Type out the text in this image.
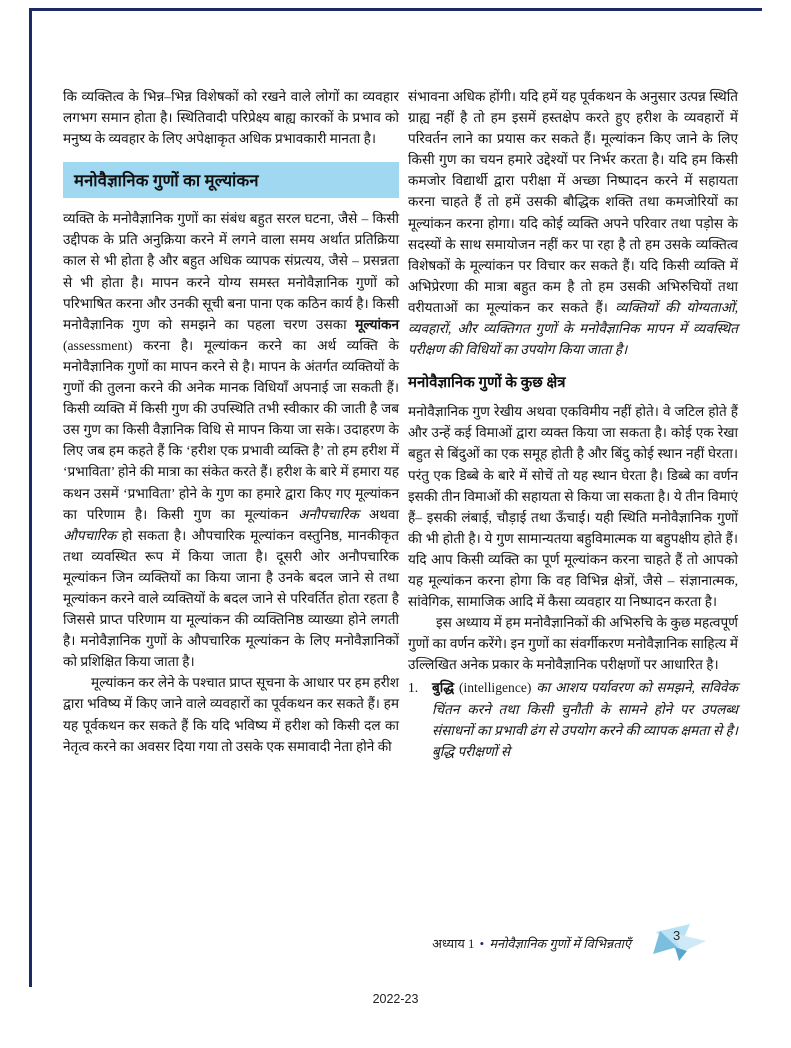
कि व्यक्तित्व के भिन्न–भिन्न विशेषकों को रखने वाले लोगों का व्यवहार लगभग समान होता है। स्थितिवादी परिप्रेक्ष्य बाह्य कारकों के प्रभाव को मनुष्य के व्यवहार के लिए अपेक्षाकृत अधिक प्रभावकारी मानता है।

मनोवैज्ञानिक गुणों का मूल्यांकन

व्यक्ति के मनोवैज्ञानिक गुणों का संबंध बहुत सरल घटना, जैसे – किसी उद्दीपक के प्रति अनुक्रिया करने में लगने वाला समय अर्थात प्रतिक्रिया काल से भी होता है और बहुत अधिक व्यापक संप्रत्यय, जैसे – प्रसन्नता से भी होता है। मापन करने योग्य समस्त मनोवैज्ञानिक गुणों को परिभाषित करना और उनकी सूची बना पाना एक कठिन कार्य है। किसी मनोवैज्ञानिक गुण को समझने का पहला चरण उसका मूल्यांकन (assessment) करना है। मूल्यांकन करने का अर्थ व्यक्ति के मनोवैज्ञानिक गुणों का मापन करने से है। मापन के अंतर्गत व्यक्तियों के गुणों की तुलना करने की अनेक मानक विधियाँ अपनाई जा सकती हैं। किसी व्यक्ति में किसी गुण की उपस्थिति तभी स्वीकार की जाती है जब उस गुण का किसी वैज्ञानिक विधि से मापन किया जा सके। उदाहरण के लिए जब हम कहते हैं कि ‘हरीश एक प्रभावी व्यक्ति है’ तो हम हरीश में ‘प्रभाविता’ होने की मात्रा का संकेत करते हैं। हरीश के बारे में हमारा यह कथन उसमें ‘प्रभाविता’ होने के गुण का हमारे द्वारा किए गए मूल्यांकन का परिणाम है। किसी गुण का मूल्यांकन अनौपचारिक अथवा औपचारिक हो सकता है। औपचारिक मूल्यांकन वस्तुनिष्ठ, मानकीकृत तथा व्यवस्थित रूप में किया जाता है। दूसरी ओर अनौपचारिक मूल्यांकन जिन व्यक्तियों का किया जाना है उनके बदल जाने से तथा मूल्यांकन करने वाले व्यक्तियों के बदल जाने से परिवर्तित होता रहता है जिससे प्राप्त परिणाम या मूल्यांकन की व्यक्तिनिष्ठ व्याख्या होने लगती है। मनोवैज्ञानिक गुणों के औपचारिक मूल्यांकन के लिए मनोवैज्ञानिकों को प्रशिक्षित किया जाता है।

मूल्यांकन कर लेने के पश्चात प्राप्त सूचना के आधार पर हम हरीश द्वारा भविष्य में किए जाने वाले व्यवहारों का पूर्वकथन कर सकते हैं। हम यह पूर्वकथन कर सकते हैं कि यदि भविष्य में हरीश को किसी दल का नेतृत्व करने का अवसर दिया गया तो उसके एक समावादी नेता होने की

संभावना अधिक होंगी। यदि हमें यह पूर्वकथन के अनुसार उत्पन्न स्थिति ग्राह्य नहीं है तो हम इसमें हस्तक्षेप करते हुए हरीश के व्यवहारों में परिवर्तन लाने का प्रयास कर सकते हैं। मूल्यांकन किए जाने के लिए किसी गुण का चयन हमारे उद्देश्यों पर निर्भर करता है। यदि हम किसी कमजोर विद्यार्थी द्वारा परीक्षा में अच्छा निष्पादन करने में सहायता करना चाहते हैं तो हमें उसकी बौद्धिक शक्ति तथा कमजोरियों का मूल्यांकन करना होगा। यदि कोई व्यक्ति अपने परिवार तथा पड़ोस के सदस्यों के साथ समायोजन नहीं कर पा रहा है तो हम उसके व्यक्तित्व विशेषकों के मूल्यांकन पर विचार कर सकते हैं। यदि किसी व्यक्ति में अभिप्रेरणा की मात्रा बहुत कम है तो हम उसकी अभिरुचियों तथा वरीयताओं का मूल्यांकन कर सकते हैं। व्यक्तियों की योग्यताओं, व्यवहारों, और व्यक्तिगत गुणों के मनोवैज्ञानिक मापन में व्यवस्थित परीक्षण की विधियों का उपयोग किया जाता है।

मनोवैज्ञानिक गुणों के कुछ क्षेत्र

मनोवैज्ञानिक गुण रेखीय अथवा एकविमीय नहीं होते। वे जटिल होते हैं और उन्हें कई विमाओं द्वारा व्यक्त किया जा सकता है। कोई एक रेखा बहुत से बिंदुओं का एक समूह होती है और बिंदु कोई स्थान नहीं घेरता। परंतु एक डिब्बे के बारे में सोचें तो यह स्थान घेरता है। डिब्बे का वर्णन इसकी तीन विमाओं की सहायता से किया जा सकता है। ये तीन विमाएं हैं– इसकी लंबाई, चौड़ाई तथा ऊँचाई। यही स्थिति मनोवैज्ञानिक गुणों की भी होती है। ये गुण सामान्यतया बहुविमात्मक या बहुपक्षीय होते हैं। यदि आप किसी व्यक्ति का पूर्ण मूल्यांकन करना चाहते हैं तो आपको यह मूल्यांकन करना होगा कि वह विभिन्न क्षेत्रों, जैसे – संज्ञानात्मक, सांवेगिक, सामाजिक आदि में कैसा व्यवहार या निष्पादन करता है।

इस अध्याय में हम मनोवैज्ञानिकों की अभिरुचि के कुछ महत्वपूर्ण गुणों का वर्णन करेंगे। इन गुणों का संवर्गीकरण मनोवैज्ञानिक साहित्य में उल्लिखित अनेक प्रकार के मनोवैज्ञानिक परीक्षणों पर आधारित है।

1.	बुद्धि (intelligence) का आशय पर्यावरण को समझने, सविवेक चिंतन करने तथा किसी चुनौती के सामने होने पर उपलब्ध संसाधनों का प्रभावी ढंग से उपयोग करने की व्यापक क्षमता से है। बुद्धि परीक्षणों से

अध्याय 1 • मनोवैज्ञानिक गुणों में विभिन्नताएँ
3
2022-23
